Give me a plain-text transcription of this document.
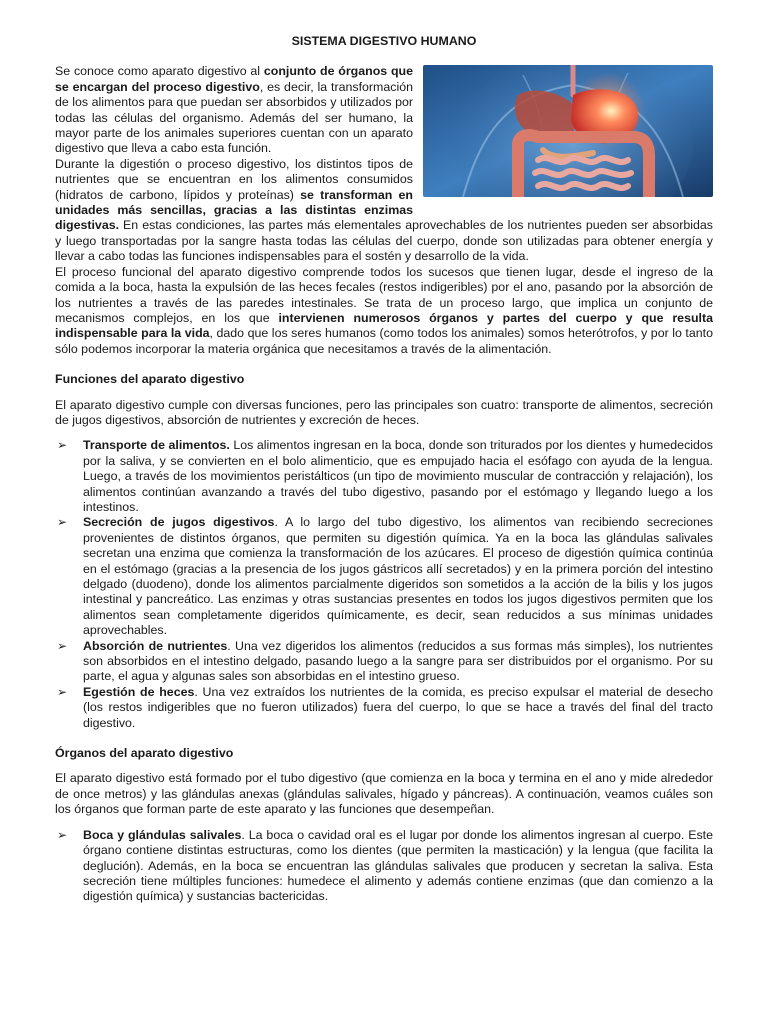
SISTEMA DIGESTIVO HUMANO

Se conoce como aparato digestivo al conjunto de órganos que se encargan del proceso digestivo, es decir, la transformación de los alimentos para que puedan ser absorbidos y utilizados por todas las células del organismo. Además del ser humano, la mayor parte de los animales superiores cuentan con un aparato digestivo que lleva a cabo esta función.

Durante la digestión o proceso digestivo, los distintos tipos de nutrientes que se encuentran en los alimentos consumidos (hidratos de carbono, lípidos y proteínas) se transforman en unidades más sencillas, gracias a las distintas enzimas digestivas. En estas condiciones, las partes más elementales aprovechables de los nutrientes pueden ser absorbidas y luego transportadas por la sangre hasta todas las células del cuerpo, donde son utilizadas para obtener energía y llevar a cabo todas las funciones indispensables para el sostén y desarrollo de la vida.

El proceso funcional del aparato digestivo comprende todos los sucesos que tienen lugar, desde el ingreso de la comida a la boca, hasta la expulsión de las heces fecales (restos indigeribles) por el ano, pasando por la absorción de los nutrientes a través de las paredes intestinales. Se trata de un proceso largo, que implica un conjunto de mecanismos complejos, en los que intervienen numerosos órganos y partes del cuerpo y que resulta indispensable para la vida, dado que los seres humanos (como todos los animales) somos heterótrofos, y por lo tanto sólo podemos incorporar la materia orgánica que necesitamos a través de la alimentación.

Funciones del aparato digestivo

El aparato digestivo cumple con diversas funciones, pero las principales son cuatro: transporte de alimentos, secreción de jugos digestivos, absorción de nutrientes y excreción de heces.

➢ Transporte de alimentos. Los alimentos ingresan en la boca, donde son triturados por los dientes y humedecidos por la saliva, y se convierten en el bolo alimenticio, que es empujado hacia el esófago con ayuda de la lengua. Luego, a través de los movimientos peristálticos (un tipo de movimiento muscular de contracción y relajación), los alimentos continúan avanzando a través del tubo digestivo, pasando por el estómago y llegando luego a los intestinos.
➢ Secreción de jugos digestivos. A lo largo del tubo digestivo, los alimentos van recibiendo secreciones provenientes de distintos órganos, que permiten su digestión química. Ya en la boca las glándulas salivales secretan una enzima que comienza la transformación de los azúcares. El proceso de digestión química continúa en el estómago (gracias a la presencia de los jugos gástricos allí secretados) y en la primera porción del intestino delgado (duodeno), donde los alimentos parcialmente digeridos son sometidos a la acción de la bilis y los jugos intestinal y pancreático. Las enzimas y otras sustancias presentes en todos los jugos digestivos permiten que los alimentos sean completamente digeridos químicamente, es decir, sean reducidos a sus mínimas unidades aprovechables.
➢ Absorción de nutrientes. Una vez digeridos los alimentos (reducidos a sus formas más simples), los nutrientes son absorbidos en el intestino delgado, pasando luego a la sangre para ser distribuidos por el organismo. Por su parte, el agua y algunas sales son absorbidas en el intestino grueso.
➢ Egestión de heces. Una vez extraídos los nutrientes de la comida, es preciso expulsar el material de desecho (los restos indigeribles que no fueron utilizados) fuera del cuerpo, lo que se hace a través del final del tracto digestivo.
Órganos del aparato digestivo

El aparato digestivo está formado por el tubo digestivo (que comienza en la boca y termina en el ano y mide alrededor de once metros) y las glándulas anexas (glándulas salivales, hígado y páncreas). A continuación, veamos cuáles son los órganos que forman parte de este aparato y las funciones que desempeñan.

➢ Boca y glándulas salivales. La boca o cavidad oral es el lugar por donde los alimentos ingresan al cuerpo. Este órgano contiene distintas estructuras, como los dientes (que permiten la masticación) y la lengua (que facilita la deglución). Además, en la boca se encuentran las glándulas salivales que producen y secretan la saliva. Esta secreción tiene múltiples funciones: humedece el alimento y además contiene enzimas (que dan comienzo a la digestión química) y sustancias bactericidas.
